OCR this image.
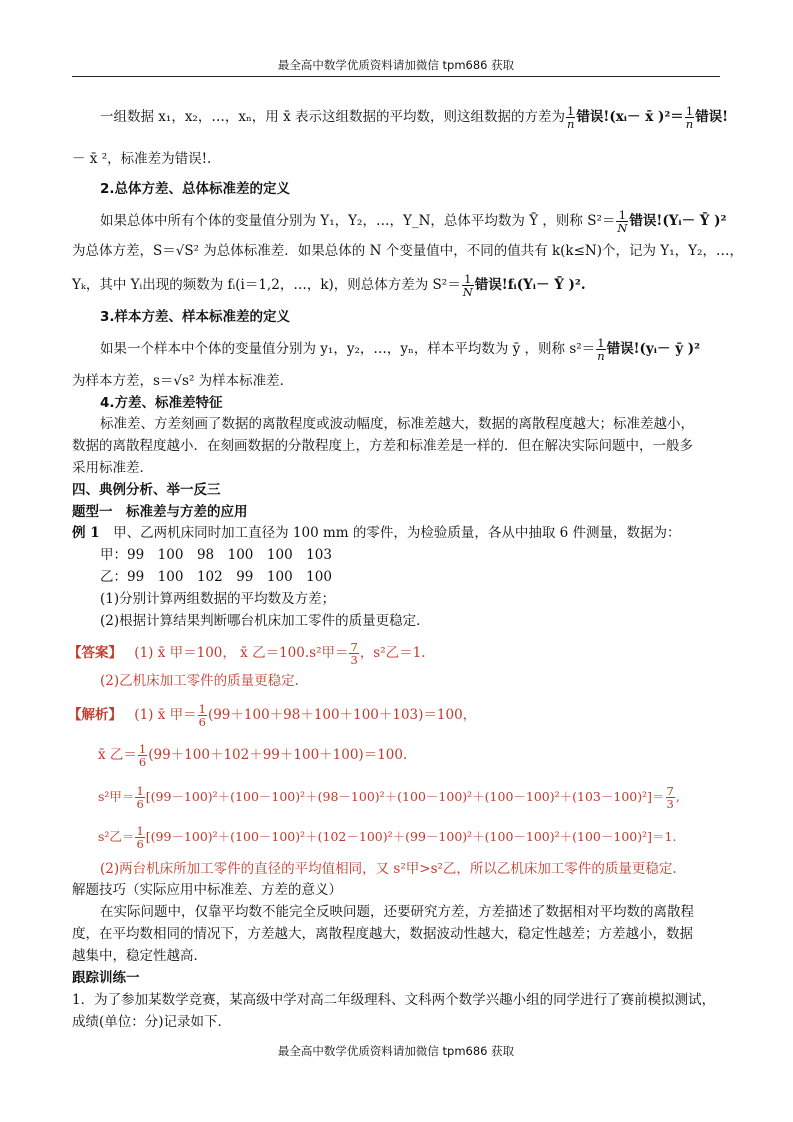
最全高中数学优质资料请加微信 tpm686 获取
一组数据 x₁，x₂，…，xₙ，用 x̄ 表示这组数据的平均数，则这组数据的方差为 $\frac{1}{n}$ 错误!(xᵢ－ x̄ )$^2= \frac{1}{n}$ 错误!
－ x̄ ²，标准差为错误!.
2.总体方差、总体标准差的定义
如果总体中所有个体的变量值分别为 Y₁，Y₂，…，Y_N，总体平均数为 Ȳ ，则称 $S^2= \frac{1}{N}$ 错误!(Yᵢ－ Ȳ )²
为总体方差，S＝√S² 为总体标准差．如果总体的 N 个变量值中，不同的值共有 k(k≤N)个，记为 Y₁，Y₂，…，
Yₖ，其中 Yᵢ出现的频数为 fᵢ(i＝1,2，…，k)，则总体方差为 $S^2= \frac{1}{N}$ 错误!fᵢ(Yᵢ－ Ȳ )².
3.样本方差、样本标准差的定义
如果一个样本中个体的变量值分别为 y₁，y₂，…，yₙ，样本平均数为 ȳ ，则称 $s^2= \frac{1}{n}$ 错误!(yᵢ－ ȳ )²
为样本方差，s＝√s² 为样本标准差．
4.方差、标准差特征
标准差、方差刻画了数据的离散程度或波动幅度，标准差越大，数据的离散程度越大；标准差越小，
数据的离散程度越小．在刻画数据的分散程度上，方差和标准差是一样的．但在解决实际问题中，一般多
采用标准差．
四、典例分析、举一反三
题型一　标准差与方差的应用
例 1　甲、乙两机床同时加工直径为 100 mm 的零件，为检验质量，各从中抽取 6 件测量，数据为：
甲：99　100　98　100　100　103
乙：99　100　102　99　100　100
(1)分别计算两组数据的平均数及方差；
(2)根据计算结果判断哪台机床加工零件的质量更稳定．
【答案】 (1) x̄ 甲＝100， x̄ 乙＝100.s²甲＝ $\frac{7}{3}$ ，s²乙＝1.
(2)乙机床加工零件的质量更稳定.
【解析】 (1) x̄ 甲＝ $\frac{1}{6} (99+100+98+100+100+103)=100$，
x̄ 乙＝ $\frac{1}{6} (99+100+102+99+100+100)=100$.
s²甲＝ $\frac{1}{6} [(99-100)^2+(100-100)^2+(98-100)^2+(100-100)^2+(100-100)^2+(103-100)^2]= \frac{7}{3}$ ,
s²乙＝ $\frac{1}{6} [(99-100)^2+(100-100)^2+(102-100)^2+(99-100)^2+(100-100)^2+(100-100)^2]=1$.
(2)两台机床所加工零件的直径的平均值相同，又 s²甲>s²乙，所以乙机床加工零件的质量更稳定.
解题技巧（实际应用中标准差、方差的意义）
在实际问题中，仅靠平均数不能完全反映问题，还要研究方差，方差描述了数据相对平均数的离散程
度，在平均数相同的情况下，方差越大，离散程度越大，数据波动性越大，稳定性越差；方差越小，数据
越集中，稳定性越高．
跟踪训练一
1．为了参加某数学竞赛，某高级中学对高二年级理科、文科两个数学兴趣小组的同学进行了赛前模拟测试，
成绩(单位：分)记录如下．
最全高中数学优质资料请加微信 tpm686 获取
